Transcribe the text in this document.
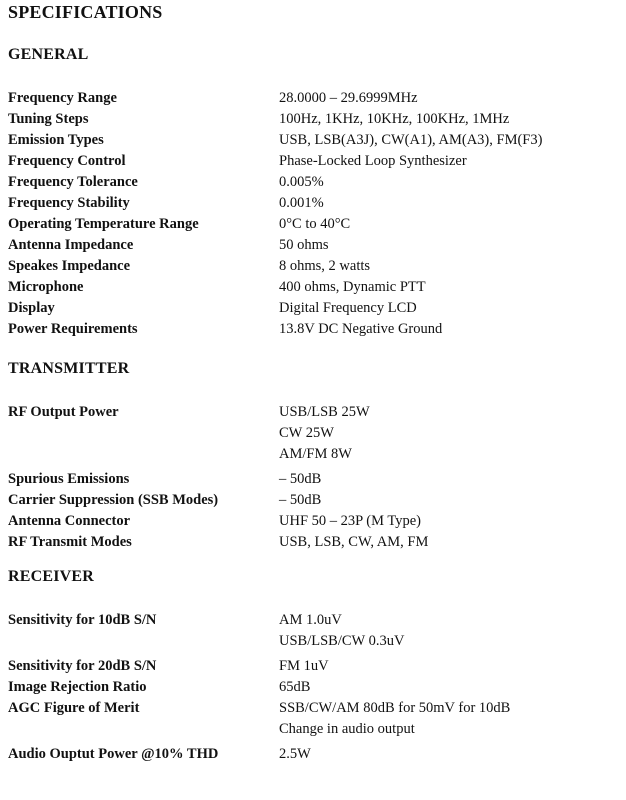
SPECIFICATIONS
GENERAL
Frequency Range	28.0000 – 29.6999MHz
Tuning Steps	100Hz, 1KHz, 10KHz, 100KHz, 1MHz
Emission Types	USB, LSB(A3J), CW(A1), AM(A3), FM(F3)
Frequency Control	Phase-Locked Loop Synthesizer
Frequency Tolerance	0.005%
Frequency Stability	0.001%
Operating Temperature Range	0°C to 40°C
Antenna Impedance	50 ohms
Speakes Impedance	8 ohms, 2 watts
Microphone	400 ohms, Dynamic PTT
Display	Digital Frequency LCD
Power Requirements	13.8V DC Negative Ground
TRANSMITTER
RF Output Power	USB/LSB 25W
CW 25W
AM/FM 8W
Spurious Emissions	– 50dB
Carrier Suppression (SSB Modes)	– 50dB
Antenna Connector	UHF 50 – 23P (M Type)
RF Transmit Modes	USB, LSB, CW, AM, FM
RECEIVER
Sensitivity for 10dB S/N	AM 1.0uV
USB/LSB/CW 0.3uV
Sensitivity for 20dB S/N	FM 1uV
Image Rejection Ratio	65dB
AGC Figure of Merit	SSB/CW/AM 80dB for 50mV for 10dB
Change in audio output
Audio Ouptut Power @10% THD	2.5W
